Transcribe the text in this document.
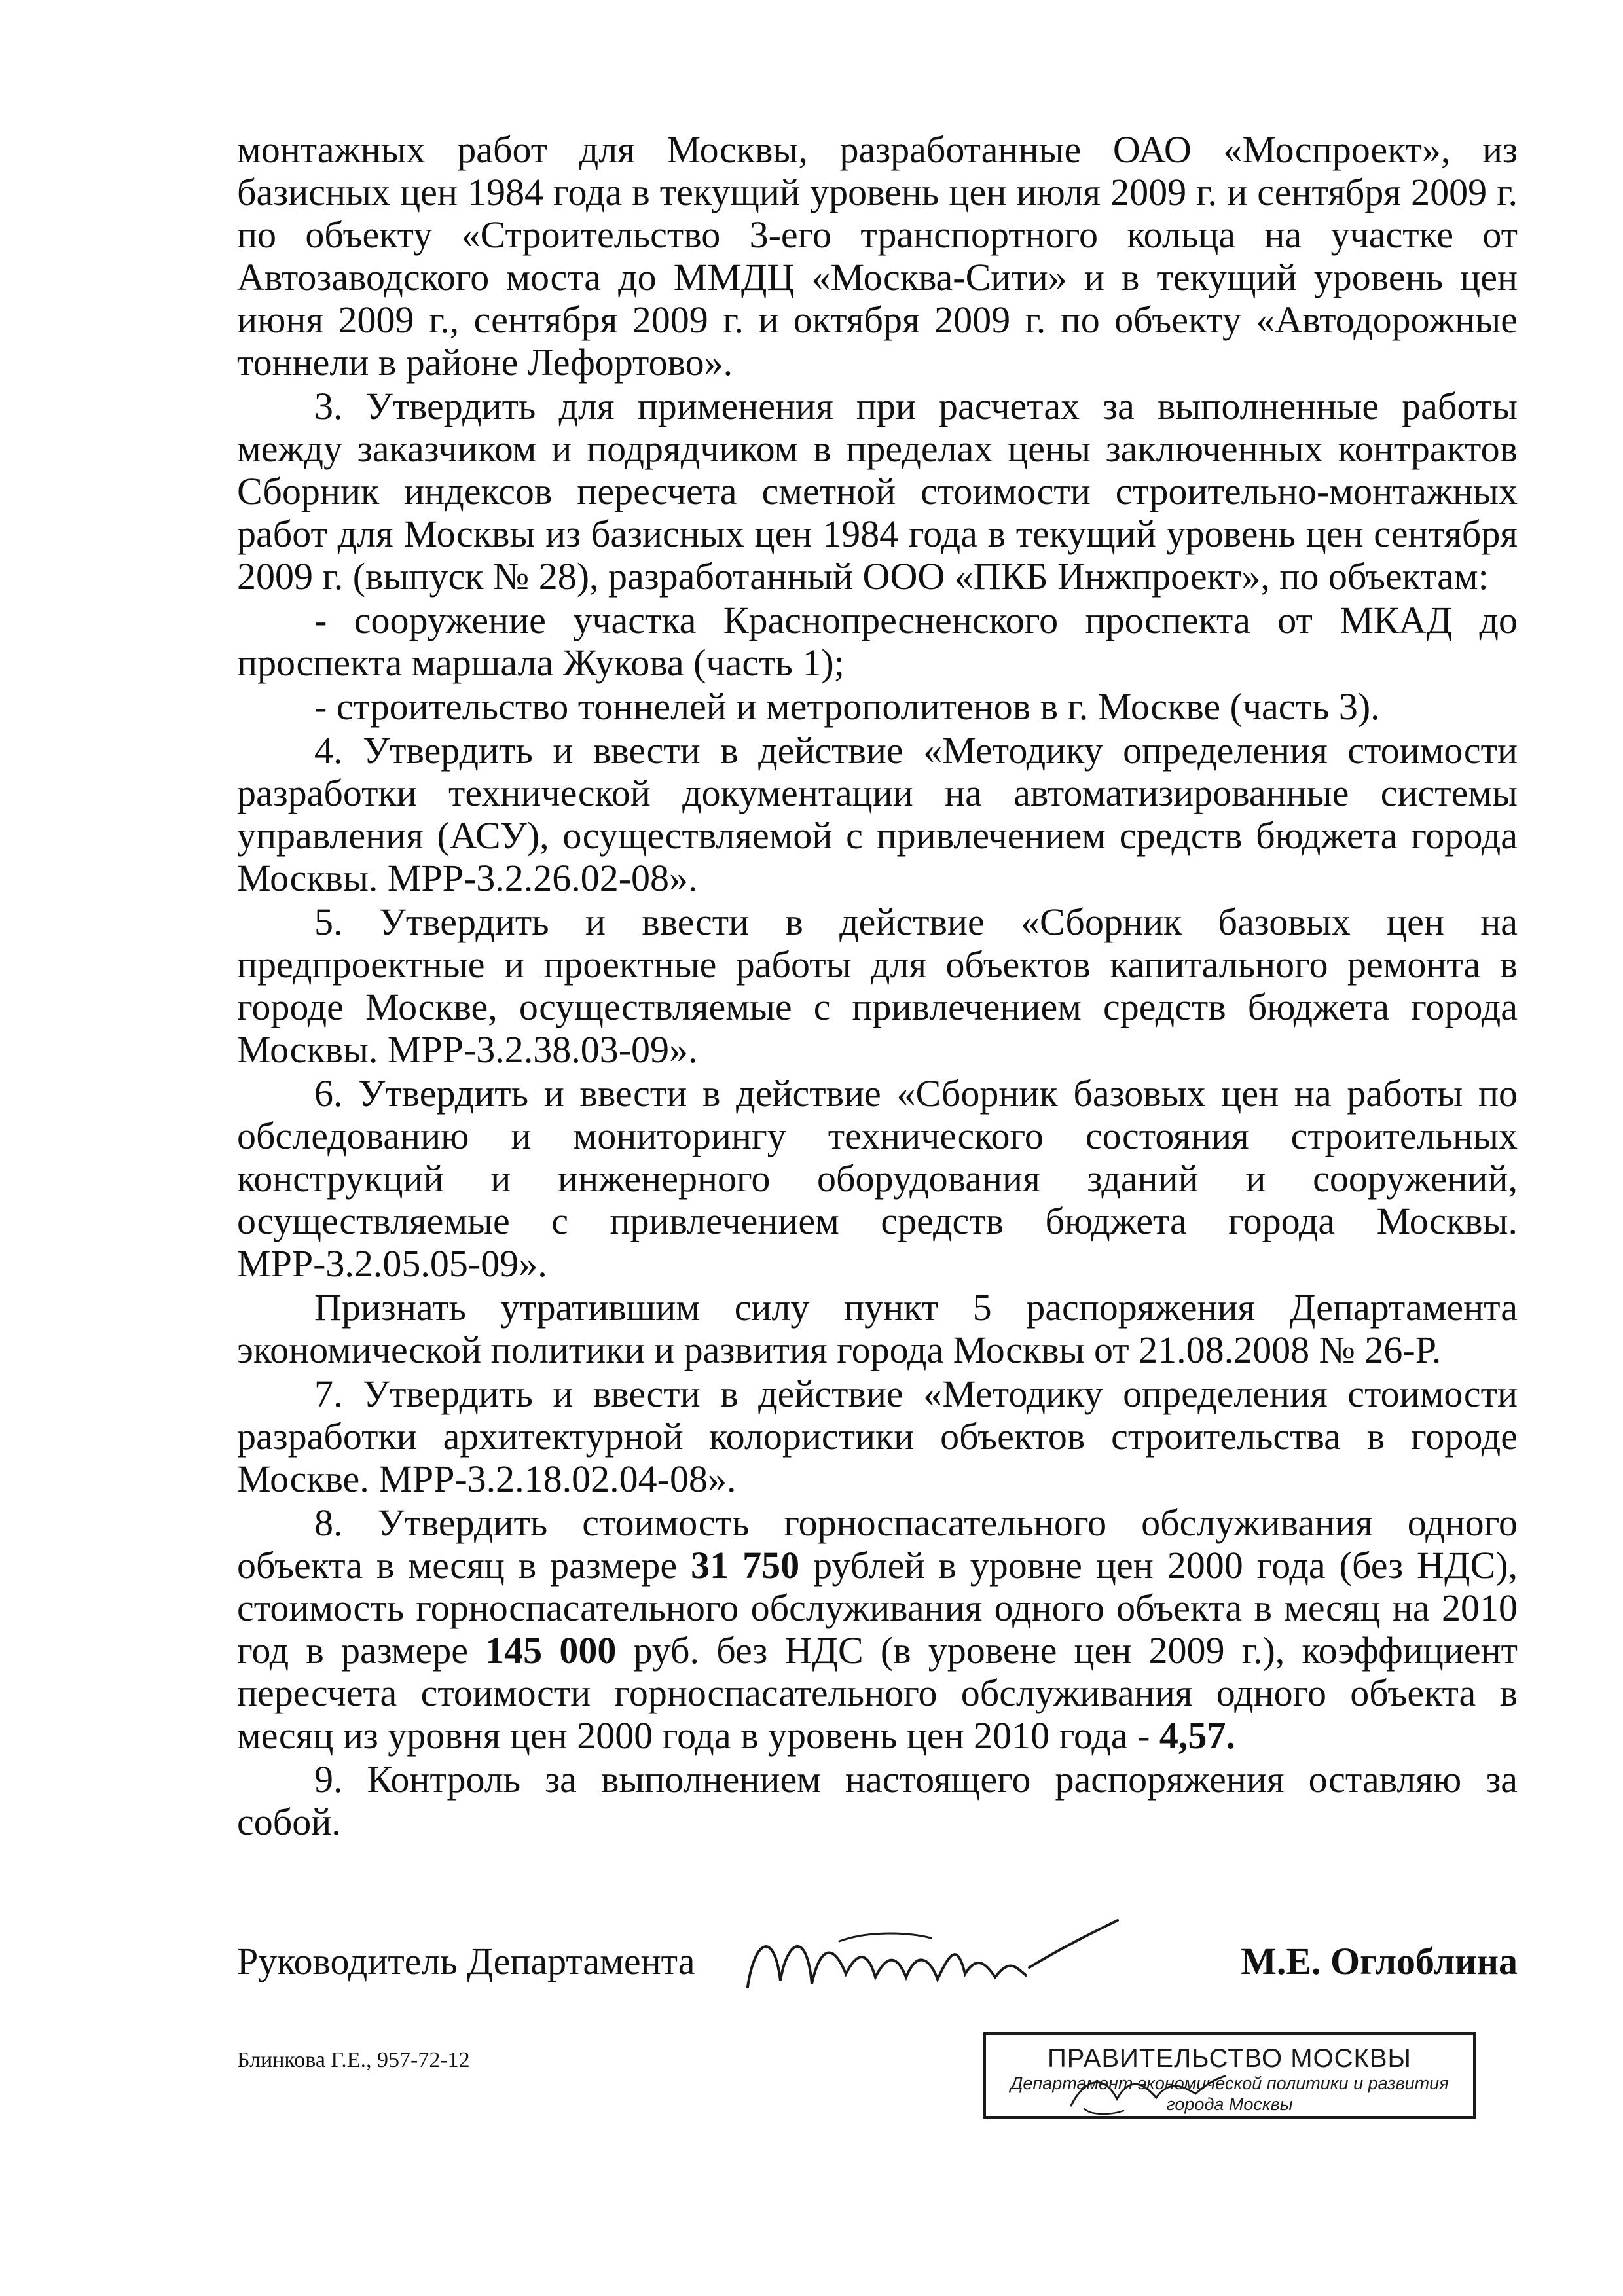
монтажных работ для Москвы, разработанные ОАО «Моспроект», из базисных цен 1984 года в текущий уровень цен июля 2009 г. и сентября 2009 г. по объекту «Строительство 3-его транспортного кольца на участке от Автозаводского моста до ММДЦ «Москва-Сити» и в текущий уровень цен июня 2009 г., сентября 2009 г. и октября 2009 г. по объекту «Автодорожные тоннели в районе Лефортово».

3. Утвердить для применения при расчетах за выполненные работы между заказчиком и подрядчиком в пределах цены заключенных контрактов Сборник индексов пересчета сметной стоимости строительно-монтажных работ для Москвы из базисных цен 1984 года в текущий уровень цен сентября 2009 г. (выпуск № 28), разработанный ООО «ПКБ Инжпроект», по объектам:

- сооружение участка Краснопресненского проспекта от МКАД до проспекта маршала Жукова (часть 1);

- строительство тоннелей и метрополитенов в г. Москве (часть 3).

4. Утвердить и ввести в действие «Методику определения стоимости разработки технической документации на автоматизированные системы управления (АСУ), осуществляемой с привлечением средств бюджета города Москвы. МРР-3.2.26.02-08».

5. Утвердить и ввести в действие «Сборник базовых цен на предпроектные и проектные работы для объектов капитального ремонта в городе Москве, осуществляемые с привлечением средств бюджета города Москвы. МРР-3.2.38.03-09».

6. Утвердить и ввести в действие «Сборник базовых цен на работы по обследованию и мониторингу технического состояния строительных конструкций и инженерного оборудования зданий и сооружений, осуществляемые с привлечением средств бюджета города Москвы. МРР-3.2.05.05-09».

Признать утратившим силу пункт 5 распоряжения Департамента экономической политики и развития города Москвы от 21.08.2008 № 26-Р.

7. Утвердить и ввести в действие «Методику определения стоимости разработки архитектурной колористики объектов строительства в городе Москве. МРР-3.2.18.02.04-08».

8. Утвердить стоимость горноспасательного обслуживания одного объекта в месяц в размере 31 750 рублей в уровне цен 2000 года (без НДС), стоимость горноспасательного обслуживания одного объекта в месяц на 2010 год в размере 145 000 руб. без НДС (в уровене цен 2009 г.), коэффициент пересчета стоимости горноспасательного обслуживания одного объекта в месяц из уровня цен 2000 года в уровень цен 2010 года - 4,57.

9. Контроль за выполнением настоящего распоряжения оставляю за собой.

Руководитель Департамента	М.Е. Оглоблина
Блинкова Г.Е., 957-72-12	ПРАВИТЕЛЬСТВО МОСКВЫ
Департамент экономической политики и развития
города Москвы
